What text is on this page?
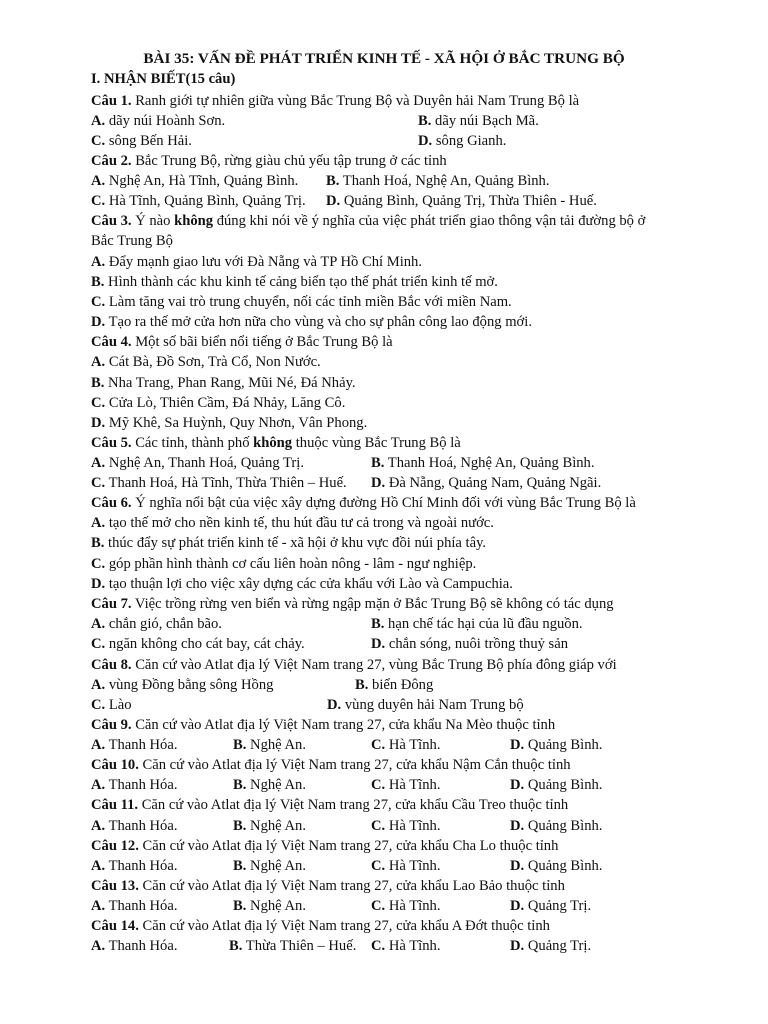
BÀI 35: VẤN ĐỀ PHÁT TRIỂN KINH TẾ - XÃ HỘI Ở BẮC TRUNG BỘ
I. NHẬN BIẾT(15 câu)
Câu 1. Ranh giới tự nhiên giữa vùng Bắc Trung Bộ và Duyên hải Nam Trung Bộ là
A. dãy núi Hoành Sơn.	B. dãy núi Bạch Mã.
C. sông Bến Hải.	D. sông Gianh.
Câu 2. Bắc Trung Bộ, rừng giàu chủ yếu tập trung ở các tỉnh
A. Nghệ An, Hà Tĩnh, Quảng Bình. B. Thanh Hoá, Nghệ An, Quảng Bình.
C. Hà Tĩnh, Quảng Bình, Quảng Trị. D. Quảng Bình, Quảng Trị, Thừa Thiên - Huế.
Câu 3. Ý nào không đúng khi nói về ý nghĩa của việc phát triển giao thông vận tải đường bộ ở
Bắc Trung Bộ
A. Đẩy mạnh giao lưu với Đà Nẵng và TP Hồ Chí Minh.
B. Hình thành các khu kinh tế cảng biển tạo thế phát triển kinh tế mở.
C. Làm tăng vai trò trung chuyển, nối các tỉnh miền Bắc với miền Nam.
D. Tạo ra thế mở cửa hơn nữa cho vùng và cho sự phân công lao động mới.
Câu 4. Một số bãi biển nổi tiếng ở Bắc Trung Bộ là
A. Cát Bà, Đồ Sơn, Trà Cổ, Non Nước.
B. Nha Trang, Phan Rang, Mũi Né, Đá Nhảy.
C. Cửa Lò, Thiên Cầm, Đá Nhảy, Lăng Cô.
D. Mỹ Khê, Sa Huỳnh, Quy Nhơn, Vân Phong.
Câu 5. Các tỉnh, thành phố không thuộc vùng Bắc Trung Bộ là
A. Nghệ An, Thanh Hoá, Quảng Trị.	B. Thanh Hoá, Nghệ An, Quảng Bình.
C. Thanh Hoá, Hà Tĩnh, Thừa Thiên – Huế. D. Đà Nẵng, Quảng Nam, Quảng Ngãi.
Câu 6. Ý nghĩa nổi bật của việc xây dựng đường Hồ Chí Minh đối với vùng Bắc Trung Bộ là
A. tạo thế mở cho nền kinh tế, thu hút đầu tư cả trong và ngoài nước.
B. thúc đẩy sự phát triển kinh tế - xã hội ở khu vực đồi núi phía tây.
C. góp phần hình thành cơ cấu liên hoàn nông - lâm - ngư nghiệp.
D. tạo thuận lợi cho việc xây dựng các cửa khẩu với Lào và Campuchia.
Câu 7. Việc trồng rừng ven biển và rừng ngập mặn ở Bắc Trung Bộ sẽ không có tác dụng
A. chắn gió, chắn bão.	B. hạn chế tác hại của lũ đầu nguồn.
C. ngăn không cho cát bay, cát chảy.	D. chắn sóng, nuôi trồng thuỷ sản
Câu 8. Căn cứ vào Atlat địa lý Việt Nam trang 27, vùng Bắc Trung Bộ phía đông giáp với
A. vùng Đồng bằng sông Hồng	B. biển Đông
C. Lào	D. vùng duyên hải Nam Trung bộ
Câu 9. Căn cứ vào Atlat địa lý Việt Nam trang 27, cửa khẩu Na Mèo thuộc tỉnh
A. Thanh Hóa.	B. Nghệ An.	C. Hà Tĩnh.	D. Quảng Bình.
Câu 10. Căn cứ vào Atlat địa lý Việt Nam trang 27, cửa khẩu Nậm Cắn thuộc tỉnh
A. Thanh Hóa.	B. Nghệ An.	C. Hà Tĩnh.	D. Quảng Bình.
Câu 11. Căn cứ vào Atlat địa lý Việt Nam trang 27, cửa khẩu Cầu Treo thuộc tỉnh
A. Thanh Hóa.	B. Nghệ An.	C. Hà Tĩnh.	D. Quảng Bình.
Câu 12. Căn cứ vào Atlat địa lý Việt Nam trang 27, cửa khẩu Cha Lo thuộc tỉnh
A. Thanh Hóa.	B. Nghệ An.	C. Hà Tĩnh.	D. Quảng Bình.
Câu 13. Căn cứ vào Atlat địa lý Việt Nam trang 27, cửa khẩu Lao Bảo thuộc tỉnh
A. Thanh Hóa.	B. Nghệ An.	C. Hà Tĩnh.	D. Quảng Trị.
Câu 14. Căn cứ vào Atlat địa lý Việt Nam trang 27, cửa khẩu A Đớt thuộc tỉnh
A. Thanh Hóa.	B. Thừa Thiên – Huế. C. Hà Tĩnh.	D. Quảng Trị.
